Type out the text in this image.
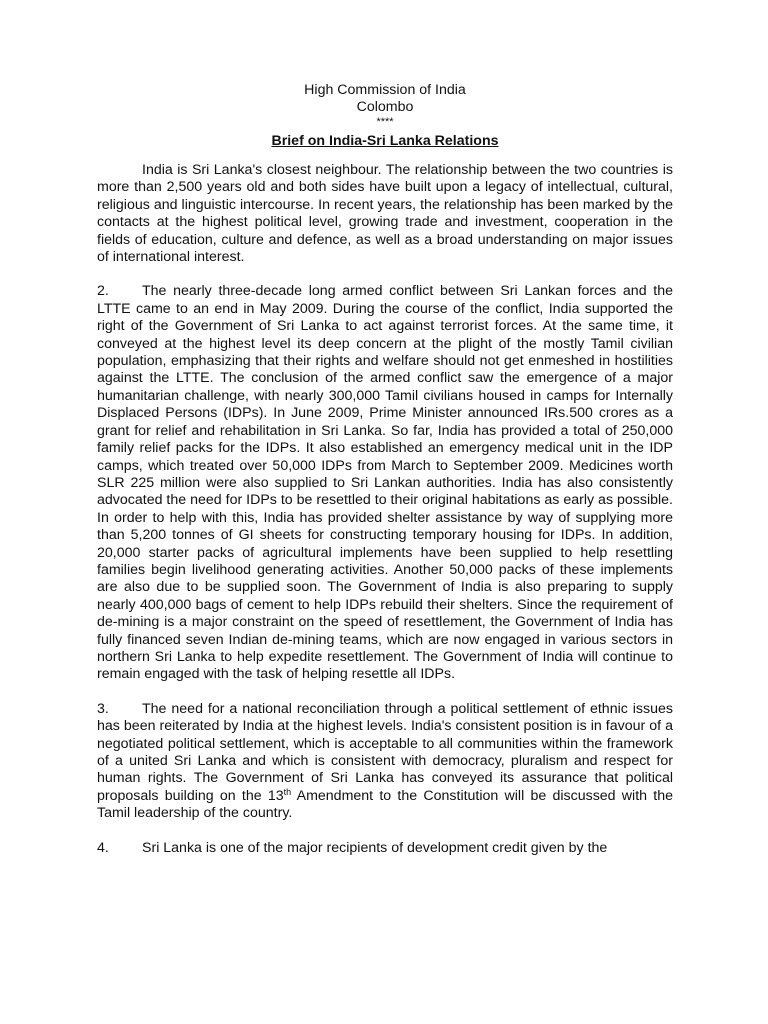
High Commission of India
Colombo
****
Brief on India-Sri Lanka Relations

India is Sri Lanka's closest neighbour. The relationship between the two countries is more than 2,500 years old and both sides have built upon a legacy of intellectual, cultural, religious and linguistic intercourse. In recent years, the relationship has been marked by the contacts at the highest political level, growing trade and investment, cooperation in the fields of education, culture and defence, as well as a broad understanding on major issues of international interest.

2. The nearly three-decade long armed conflict between Sri Lankan forces and the LTTE came to an end in May 2009. During the course of the conflict, India supported the right of the Government of Sri Lanka to act against terrorist forces. At the same time, it conveyed at the highest level its deep concern at the plight of the mostly Tamil civilian population, emphasizing that their rights and welfare should not get enmeshed in hostilities against the LTTE. The conclusion of the armed conflict saw the emergence of a major humanitarian challenge, with nearly 300,000 Tamil civilians housed in camps for Internally Displaced Persons (IDPs). In June 2009, Prime Minister announced IRs.500 crores as a grant for relief and rehabilitation in Sri Lanka. So far, India has provided a total of 250,000 family relief packs for the IDPs. It also established an emergency medical unit in the IDP camps, which treated over 50,000 IDPs from March to September 2009. Medicines worth SLR 225 million were also supplied to Sri Lankan authorities. India has also consistently advocated the need for IDPs to be resettled to their original habitations as early as possible. In order to help with this, India has provided shelter assistance by way of supplying more than 5,200 tonnes of GI sheets for constructing temporary housing for IDPs. In addition, 20,000 starter packs of agricultural implements have been supplied to help resettling families begin livelihood generating activities. Another 50,000 packs of these implements are also due to be supplied soon. The Government of India is also preparing to supply nearly 400,000 bags of cement to help IDPs rebuild their shelters. Since the requirement of de-mining is a major constraint on the speed of resettlement, the Government of India has fully financed seven Indian de-mining teams, which are now engaged in various sectors in northern Sri Lanka to help expedite resettlement. The Government of India will continue to remain engaged with the task of helping resettle all IDPs.

3. The need for a national reconciliation through a political settlement of ethnic issues has been reiterated by India at the highest levels. India's consistent position is in favour of a negotiated political settlement, which is acceptable to all communities within the framework of a united Sri Lanka and which is consistent with democracy, pluralism and respect for human rights. The Government of Sri Lanka has conveyed its assurance that political proposals building on the 13th Amendment to the Constitution will be discussed with the Tamil leadership of the country.

4. Sri Lanka is one of the major recipients of development credit given by the
